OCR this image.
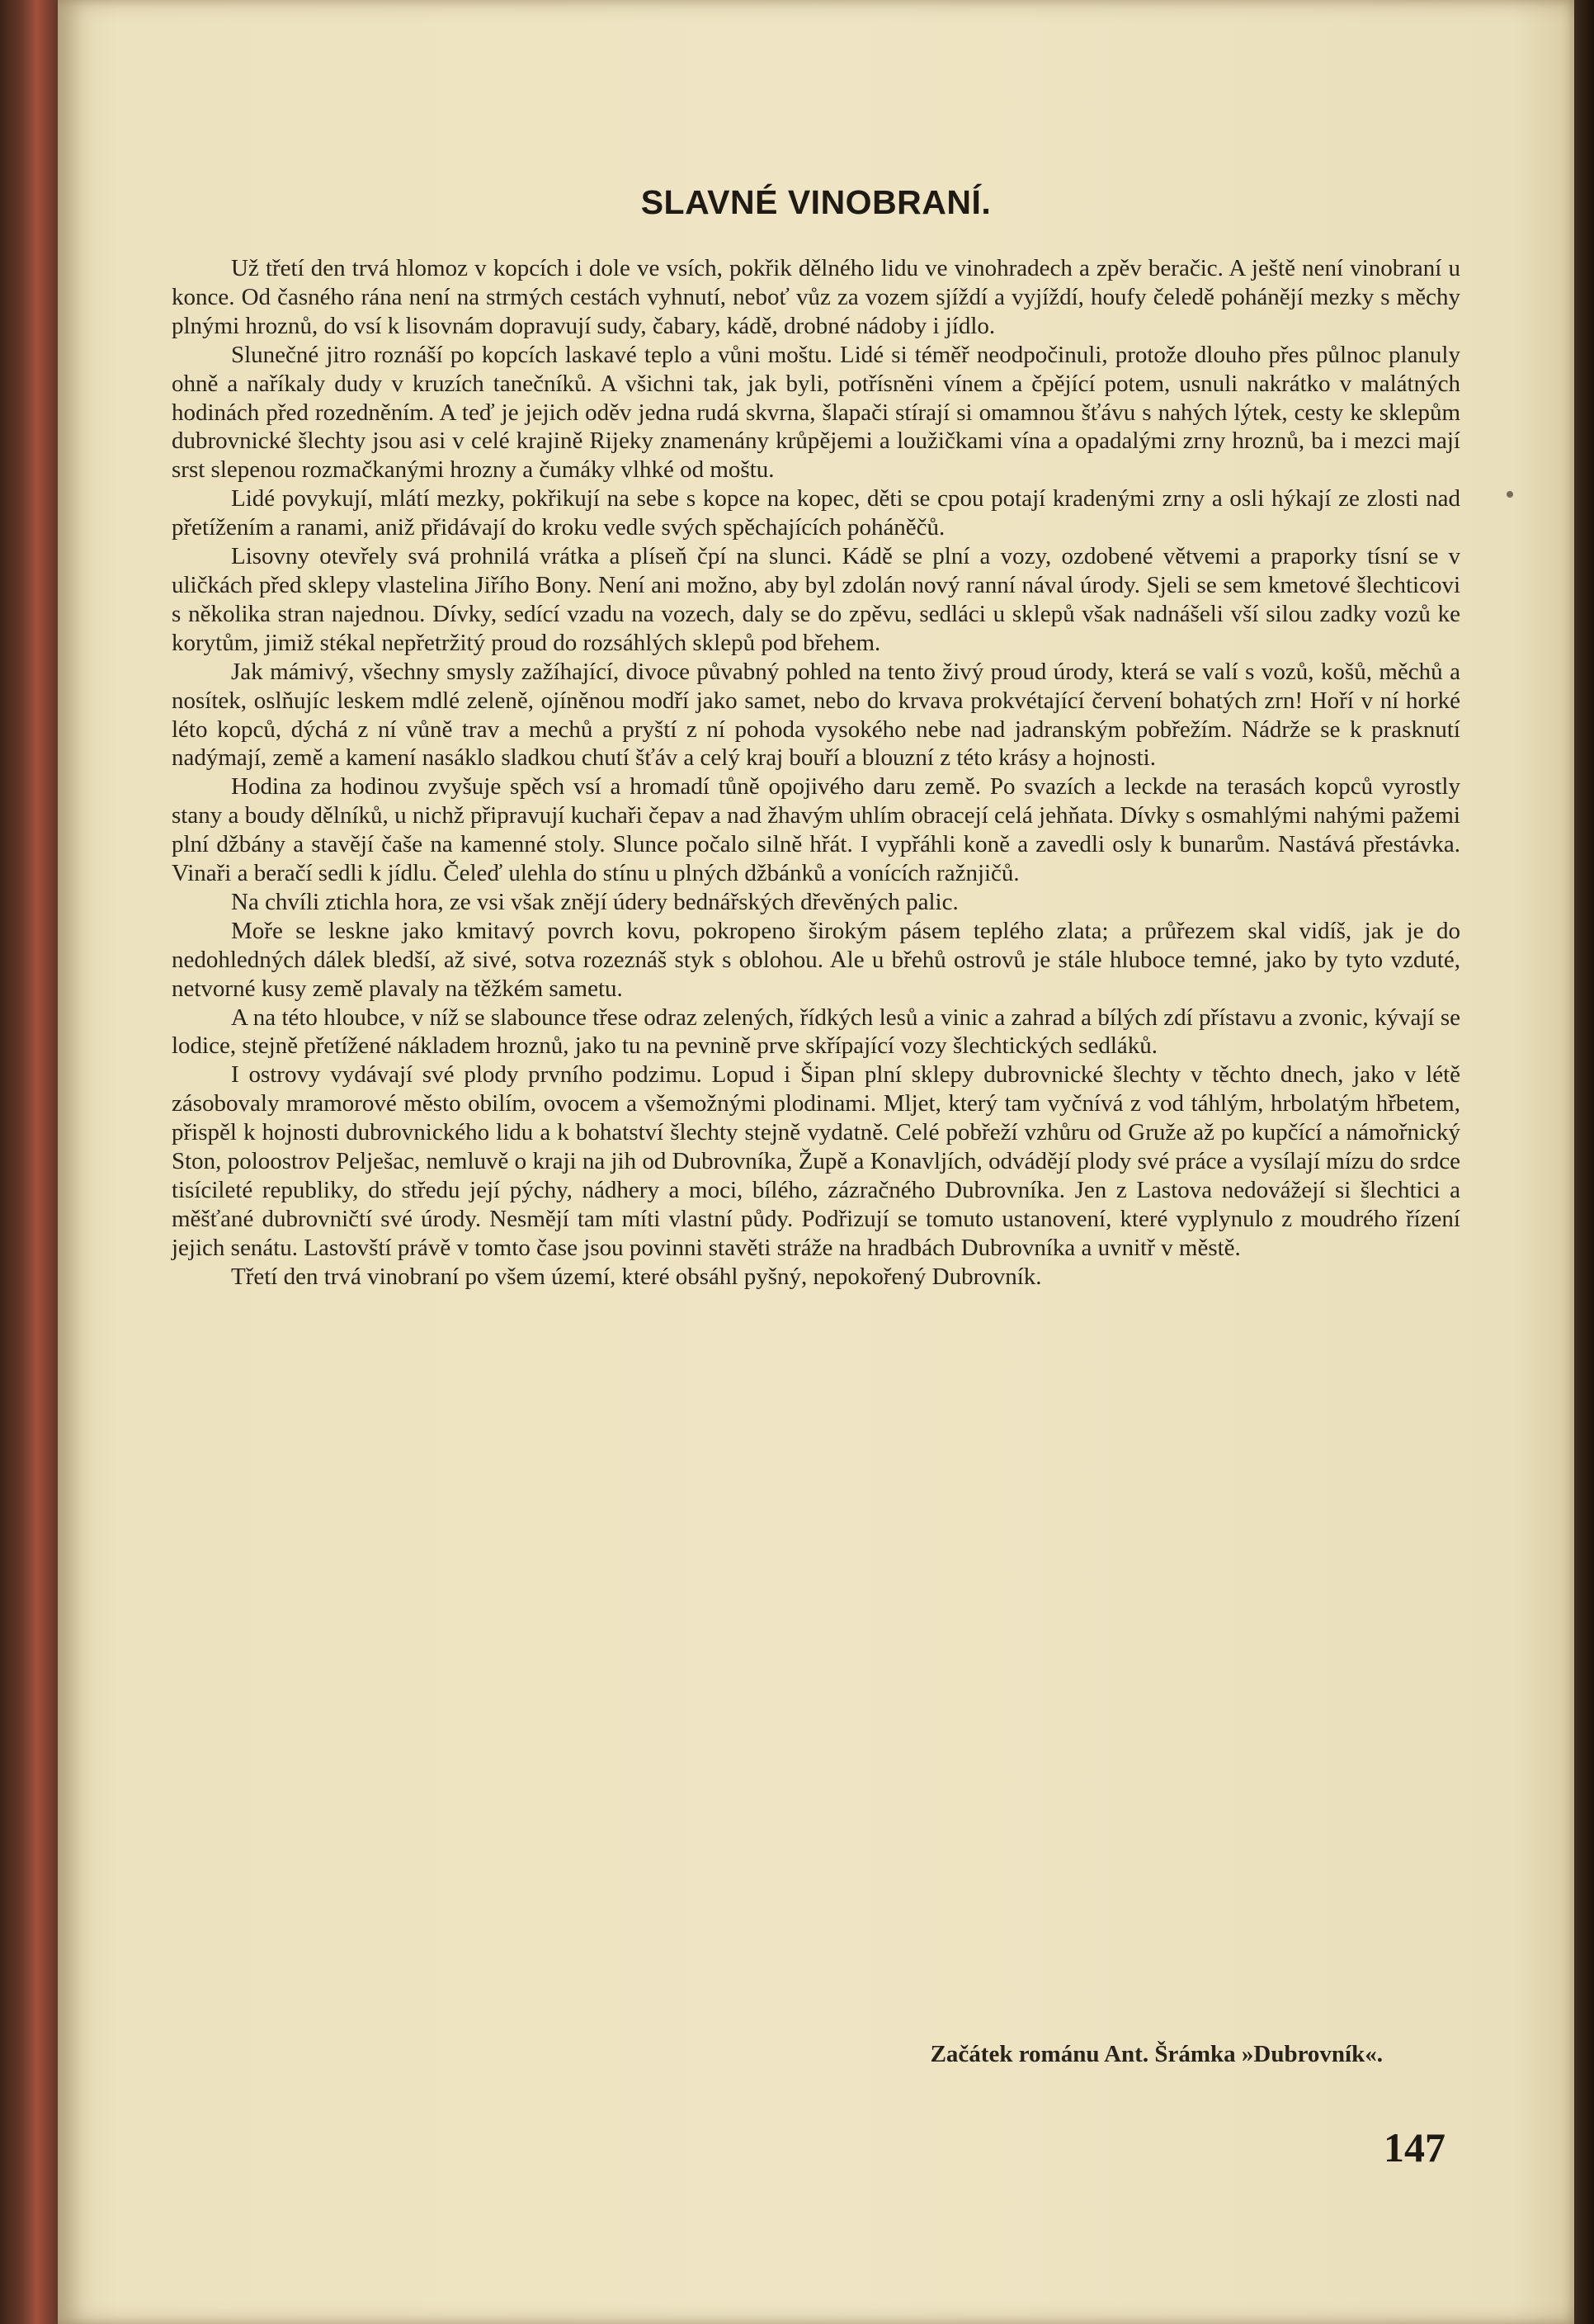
SLAVNÉ VINOBRANÍ.

Už třetí den trvá hlomoz v kopcích i dole ve vsích, pokřik dělného lidu ve vinohradech a zpěv beračic. A ještě není vinobraní u konce. Od časného rána není na strmých cestách vyhnutí, neboť vůz za vozem sjíždí a vyjíždí, houfy čeledě pohánějí mezky s měchy plnými hroznů, do vsí k lisovnám dopravují sudy, čabary, kádě, drobné nádoby i jídlo.

Slunečné jitro roznáší po kopcích laskavé teplo a vůni moštu. Lidé si téměř neodpočinuli, protože dlouho přes půlnoc planuly ohně a naříkaly dudy v kruzích tanečníků. A všichni tak, jak byli, potřísněni vínem a čpějící potem, usnuli nakrátko v malátných hodinách před rozedněním. A teď je jejich oděv jedna rudá skvrna, šlapači stírají si omamnou šťávu s nahých lýtek, cesty ke sklepům dubrovnické šlechty jsou asi v celé krajině Rijeky znamenány krůpějemi a loužičkami vína a opadalými zrny hroznů, ba i mezci mají srst slepenou rozmačkanými hrozny a čumáky vlhké od moštu.

Lidé povykují, mlátí mezky, pokřikují na sebe s kopce na kopec, děti se cpou potají kradenými zrny a osli hýkají ze zlosti nad přetížením a ranami, aniž přidávají do kroku vedle svých spěchajících poháněčů.

Lisovny otevřely svá prohnilá vrátka a plíseň čpí na slunci. Kádě se plní a vozy, ozdobené větvemi a praporky tísní se v uličkách před sklepy vlastelina Jiřího Bony. Není ani možno, aby byl zdolán nový ranní nával úrody. Sjeli se sem kmetové šlechticovi s několika stran najednou. Dívky, sedící vzadu na vozech, daly se do zpěvu, sedláci u sklepů však nadnášeli vší silou zadky vozů ke korytům, jimiž stékal nepřetržitý proud do rozsáhlých sklepů pod břehem.

Jak mámivý, všechny smysly zažíhající, divoce půvabný pohled na tento živý proud úrody, která se valí s vozů, košů, měchů a nosítek, oslňujíc leskem mdlé zeleně, ojíněnou modří jako samet, nebo do krvava prokvétající červení bohatých zrn! Hoří v ní horké léto kopců, dýchá z ní vůně trav a mechů a pryští z ní pohoda vysokého nebe nad jadranským pobřežím. Nádrže se k prasknutí nadýmají, země a kamení nasáklo sladkou chutí šťáv a celý kraj bouří a blouzní z této krásy a hojnosti.

Hodina za hodinou zvyšuje spěch vsí a hromadí tůně opojivého daru země. Po svazích a leckde na terasách kopců vyrostly stany a boudy dělníků, u nichž připravují kuchaři čepav a nad žhavým uhlím obracejí celá jehňata. Dívky s osmahlými nahými pažemi plní džbány a stavějí čaše na kamenné stoly. Slunce počalo silně hřát. I vypřáhli koně a zavedli osly k bunarům. Nastává přestávka. Vinaři a beračí sedli k jídlu. Čeleď ulehla do stínu u plných džbánků a vonících ražnjičů.

Na chvíli ztichla hora, ze vsi však znějí údery bednářských dřevěných palic.

Moře se leskne jako kmitavý povrch kovu, pokropeno širokým pásem teplého zlata; a průřezem skal vidíš, jak je do nedohledných dálek bledší, až sivé, sotva rozeznáš styk s oblohou. Ale u břehů ostrovů je stále hluboce temné, jako by tyto vzduté, netvorné kusy země plavaly na těžkém sametu.

A na této hloubce, v níž se slabounce třese odraz zelených, řídkých lesů a vinic a zahrad a bílých zdí přístavu a zvonic, kývají se lodice, stejně přetížené nákladem hroznů, jako tu na pevnině prve skřípající vozy šlechtických sedláků.

I ostrovy vydávají své plody prvního podzimu. Lopud i Šipan plní sklepy dubrovnické šlechty v těchto dnech, jako v létě zásobovaly mramorové město obilím, ovocem a všemožnými plodinami. Mljet, který tam vyčnívá z vod táhlým, hrbolatým hřbetem, přispěl k hojnosti dubrovnického lidu a k bohatství šlechty stejně vydatně. Celé pobřeží vzhůru od Gruže až po kupčící a námořnický Ston, poloostrov Pelješac, nemluvě o kraji na jih od Dubrovníka, Župě a Konavljích, odvádějí plody své práce a vysílají mízu do srdce tisícileté republiky, do středu její pýchy, nádhery a moci, bílého, zázračného Dubrovníka. Jen z Lastova nedovážejí si šlechtici a měšťané dubrovničtí své úrody. Nesmějí tam míti vlastní půdy. Podřizují se tomuto ustanovení, které vyplynulo z moudrého řízení jejich senátu. Lastovští právě v tomto čase jsou povinni stavěti stráže na hradbách Dubrovníka a uvnitř v městě.

Třetí den trvá vinobraní po všem území, které obsáhl pyšný, nepokořený Dubrovník.

Začátek románu Ant. Šrámka »Dubrovník«.
147
